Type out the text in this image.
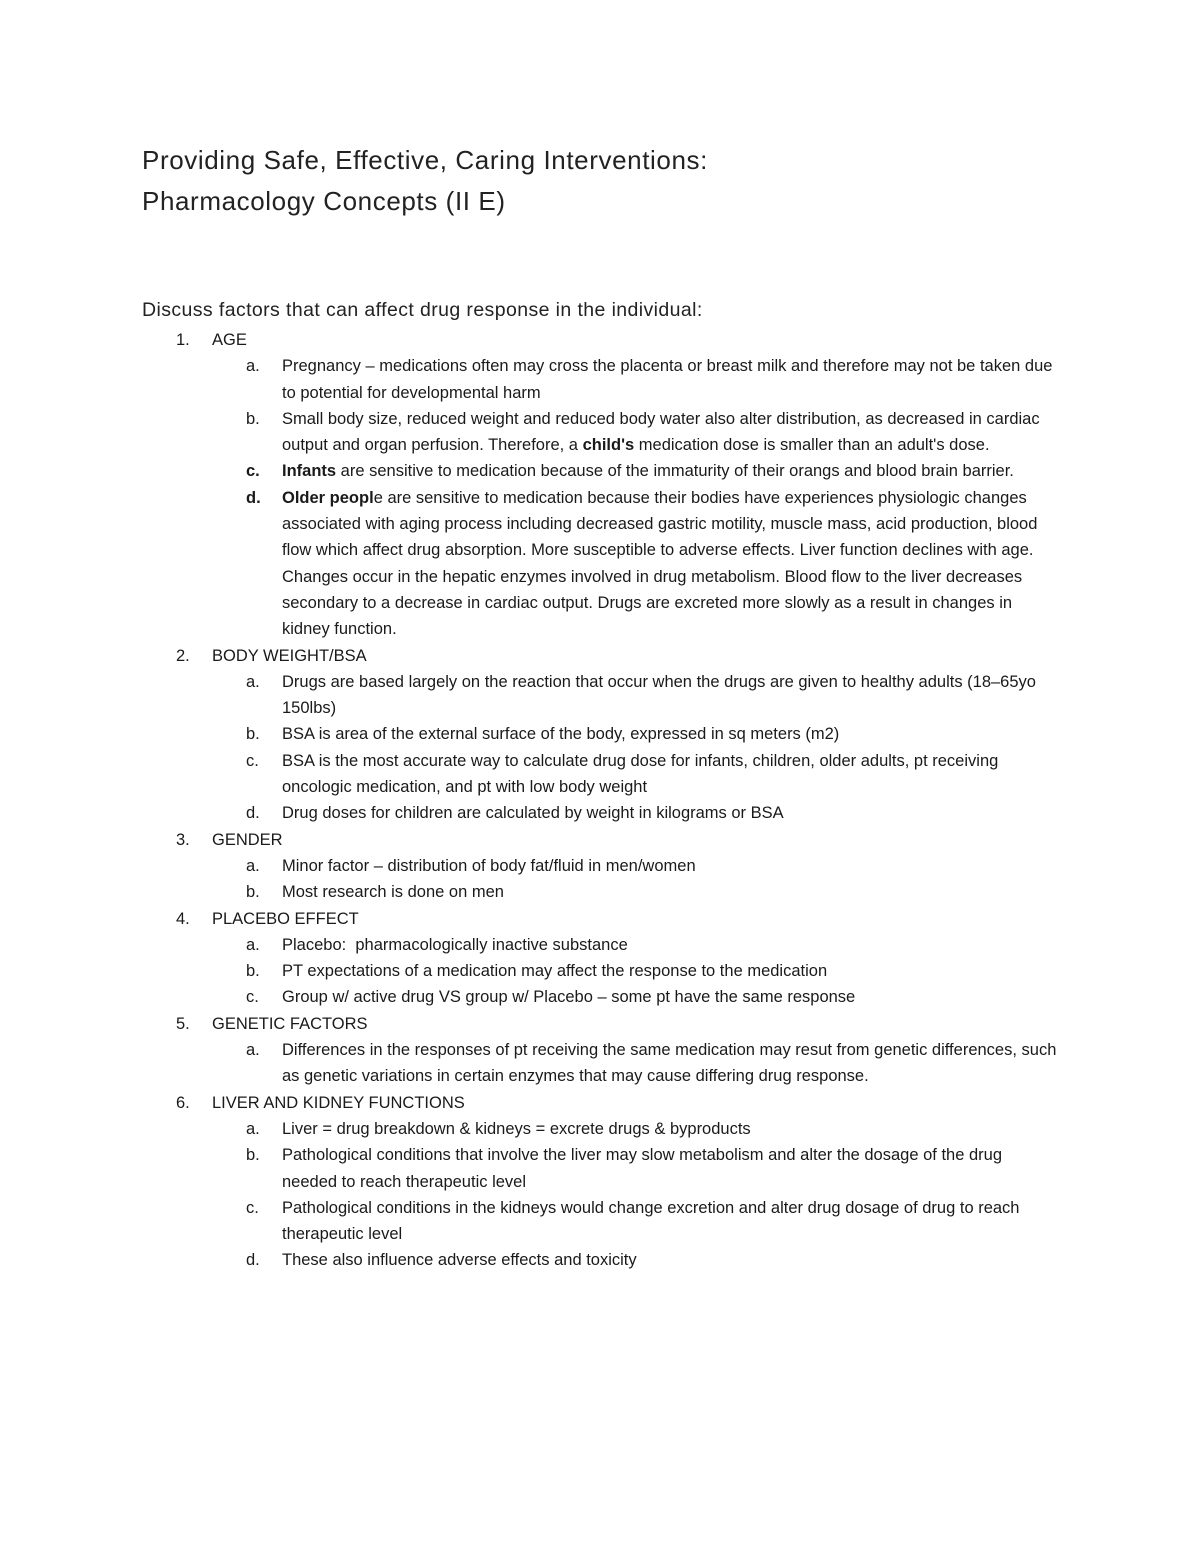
Providing Safe, Effective, Caring Interventions:
Pharmacology Concepts (II E)
Discuss factors that can affect drug response in the individual:
1. AGE
a. Pregnancy – medications often may cross the placenta or breast milk and therefore may not be taken due to potential for developmental harm
b. Small body size, reduced weight and reduced body water also alter distribution, as decreased in cardiac output and organ perfusion. Therefore, a child's medication dose is smaller than an adult's dose.
c. Infants are sensitive to medication because of the immaturity of their orangs and blood brain barrier.
d. Older people are sensitive to medication because their bodies have experiences physiologic changes associated with aging process including decreased gastric motility, muscle mass, acid production, blood flow which affect drug absorption. More susceptible to adverse effects. Liver function declines with age. Changes occur in the hepatic enzymes involved in drug metabolism. Blood flow to the liver decreases secondary to a decrease in cardiac output. Drugs are excreted more slowly as a result in changes in kidney function.
2. BODY WEIGHT/BSA
a. Drugs are based largely on the reaction that occur when the drugs are given to healthy adults (18–65yo 150lbs)
b. BSA is area of the external surface of the body, expressed in sq meters (m2)
c. BSA is the most accurate way to calculate drug dose for infants, children, older adults, pt receiving oncologic medication, and pt with low body weight
d. Drug doses for children are calculated by weight in kilograms or BSA
3. GENDER
a. Minor factor – distribution of body fat/fluid in men/women
b. Most research is done on men
4. PLACEBO EFFECT
a. Placebo:  pharmacologically inactive substance
b. PT expectations of a medication may affect the response to the medication
c. Group w/ active drug VS group w/ Placebo – some pt have the same response
5. GENETIC FACTORS
a. Differences in the responses of pt receiving the same medication may resut from genetic differences, such as genetic variations in certain enzymes that may cause differing drug response.
6. LIVER AND KIDNEY FUNCTIONS
a. Liver = drug breakdown & kidneys = excrete drugs & byproducts
b. Pathological conditions that involve the liver may slow metabolism and alter the dosage of the drug needed to reach therapeutic level
c. Pathological conditions in the kidneys would change excretion and alter drug dosage of drug to reach therapeutic level
d. These also influence adverse effects and toxicity
